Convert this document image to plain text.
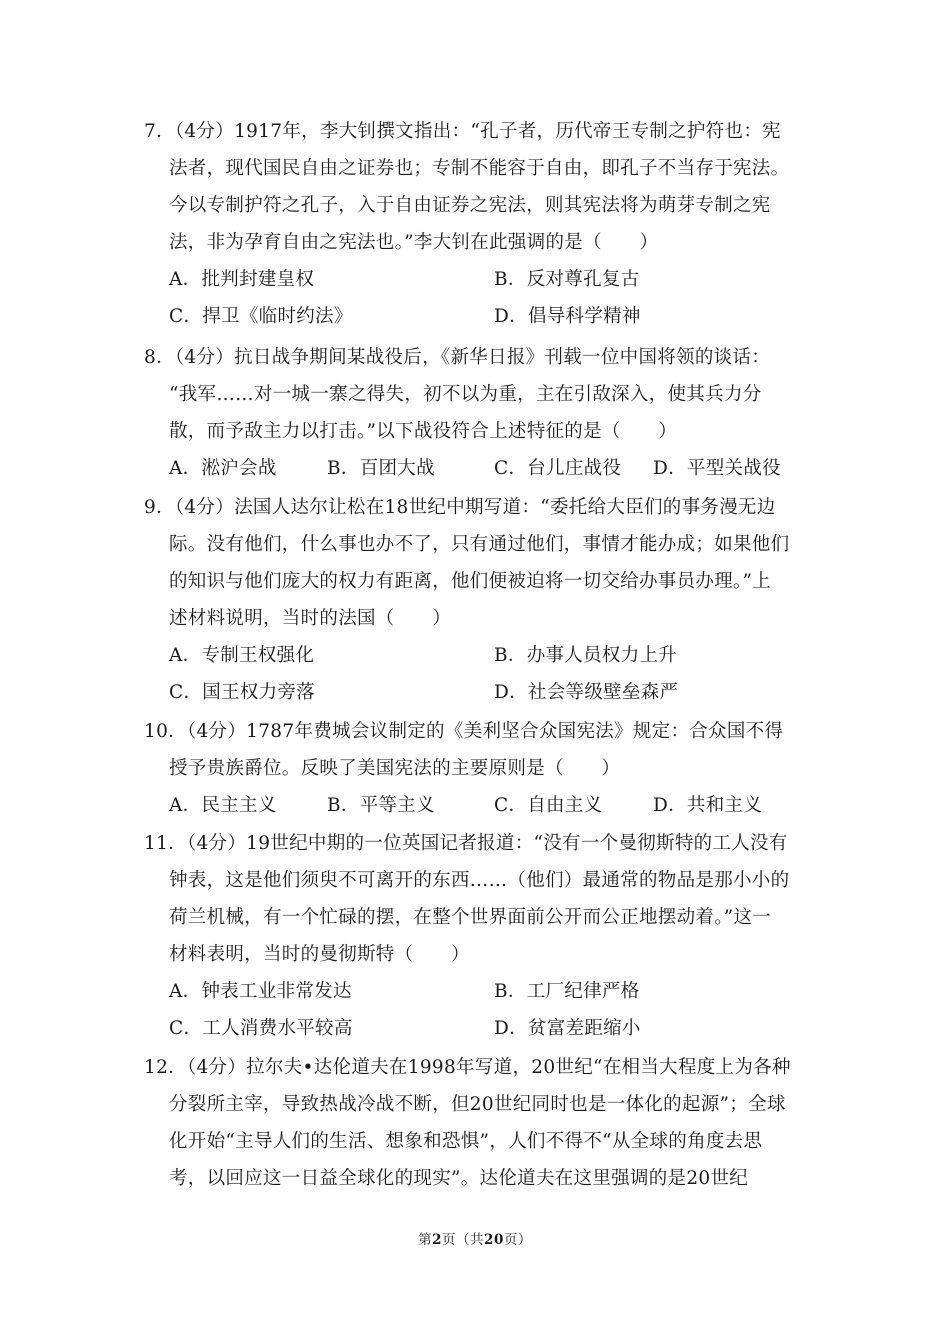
7．（4分）1917年，李大钊撰文指出：“孔子者，历代帝王专制之护符也：宪
法者，现代国民自由之证券也；专制不能容于自由，即孔子不当存于宪法。
今以专制护符之孔子，入于自由证券之宪法，则其宪法将为萌芽专制之宪
法，非为孕育自由之宪法也。”李大钊在此强调的是（　　）
A．批判封建皇权	B．反对尊孔复古
C．捍卫《临时约法》	D．倡导科学精神
8．（4分）抗日战争期间某战役后，《新华日报》刊载一位中国将领的谈话：
“我军……对一城一寨之得失，初不以为重，主在引敌深入，使其兵力分
散，而予敌主力以打击。”以下战役符合上述特征的是（　　）
A．淞沪会战	B．百团大战	C．台儿庄战役 D．平型关战役
9．（4分）法国人达尔让松在18世纪中期写道：“委托给大臣们的事务漫无边
际。没有他们，什么事也办不了，只有通过他们，事情才能办成；如果他们
的知识与他们庞大的权力有距离，他们便被迫将一切交给办事员办理。”上
述材料说明，当时的法国（　　）
A．专制王权强化	B．办事人员权力上升
C．国王权力旁落	D．社会等级壁垒森严
10．（4分）1787年费城会议制定的《美利坚合众国宪法》规定：合众国不得
授予贵族爵位。反映了美国宪法的主要原则是（　　）
A．民主主义	B．平等主义	C．自由主义	D．共和主义
11．（4分）19世纪中期的一位英国记者报道：“没有一个曼彻斯特的工人没有
钟表，这是他们须臾不可离开的东西……（他们）最通常的物品是那小小的
荷兰机械，有一个忙碌的摆，在整个世界面前公开而公正地摆动着。”这一
材料表明，当时的曼彻斯特（　　）
A．钟表工业非常发达	B．工厂纪律严格
C．工人消费水平较高	D．贫富差距缩小
12．（4分）拉尔夫•达伦道夫在1998年写道，20世纪“在相当大程度上为各种
分裂所主宰，导致热战冷战不断，但20世纪同时也是一体化的起源”；全球
化开始“主导人们的生活、想象和恐惧”，人们不得不“从全球的角度去思
考，以回应这一日益全球化的现实”。达伦道夫在这里强调的是20世纪
第2页（共20页）
